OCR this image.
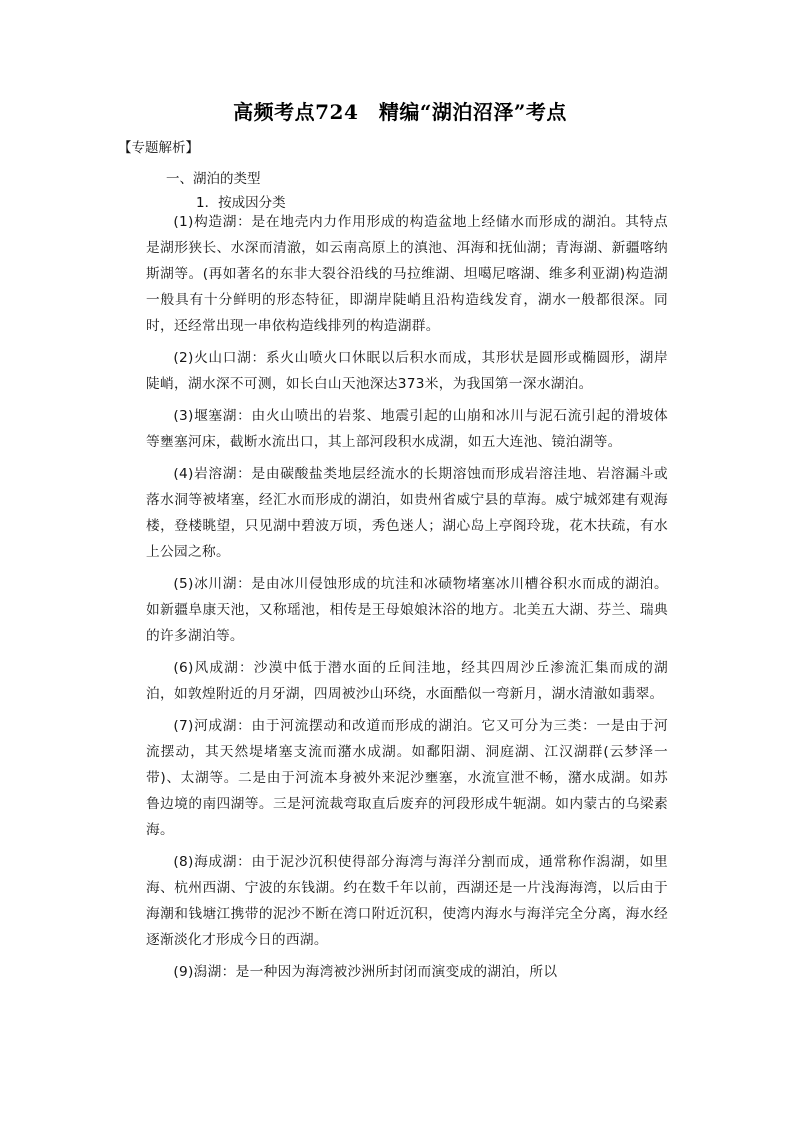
高频考点724　精编“湖泊沼泽”考点
【专题解析】
一、湖泊的类型
1．按成因分类

(1)构造湖：是在地壳内力作用形成的构造盆地上经储水而形成的湖泊。其特点是湖形狭长、水深而清澈，如云南高原上的滇池、洱海和抚仙湖；青海湖、新疆喀纳斯湖等。(再如著名的东非大裂谷沿线的马拉维湖、坦噶尼喀湖、维多利亚湖)构造湖一般具有十分鲜明的形态特征，即湖岸陡峭且沿构造线发育，湖水一般都很深。同时，还经常出现一串依构造线排列的构造湖群。

(2)火山口湖：系火山喷火口休眠以后积水而成，其形状是圆形或椭圆形，湖岸陡峭，湖水深不可测，如长白山天池深达373米，为我国第一深水湖泊。

(3)堰塞湖：由火山喷出的岩浆、地震引起的山崩和冰川与泥石流引起的滑坡体等壅塞河床，截断水流出口，其上部河段积水成湖，如五大连池、镜泊湖等。

(4)岩溶湖：是由碳酸盐类地层经流水的长期溶蚀而形成岩溶洼地、岩溶漏斗或落水洞等被堵塞，经汇水而形成的湖泊，如贵州省威宁县的草海。威宁城郊建有观海楼，登楼眺望，只见湖中碧波万顷，秀色迷人；湖心岛上亭阁玲珑，花木扶疏，有水上公园之称。

(5)冰川湖：是由冰川侵蚀形成的坑洼和冰碛物堵塞冰川槽谷积水而成的湖泊。如新疆阜康天池，又称瑶池，相传是王母娘娘沐浴的地方。北美五大湖、芬兰、瑞典的许多湖泊等。

(6)风成湖：沙漠中低于潜水面的丘间洼地，经其四周沙丘渗流汇集而成的湖泊，如敦煌附近的月牙湖，四周被沙山环绕，水面酷似一弯新月，湖水清澈如翡翠。

(7)河成湖：由于河流摆动和改道而形成的湖泊。它又可分为三类：一是由于河流摆动，其天然堤堵塞支流而潴水成湖。如鄱阳湖、洞庭湖、江汉湖群(云梦泽一带)、太湖等。二是由于河流本身被外来泥沙壅塞，水流宣泄不畅，潴水成湖。如苏鲁边境的南四湖等。三是河流裁弯取直后废弃的河段形成牛轭湖。如内蒙古的乌梁素海。

(8)海成湖：由于泥沙沉积使得部分海湾与海洋分割而成，通常称作潟湖，如里海、杭州西湖、宁波的东钱湖。约在数千年以前，西湖还是一片浅海海湾，以后由于海潮和钱塘江携带的泥沙不断在湾口附近沉积，使湾内海水与海洋完全分离，海水经逐渐淡化才形成今日的西湖。

(9)潟湖：是一种因为海湾被沙洲所封闭而演变成的湖泊，所以
